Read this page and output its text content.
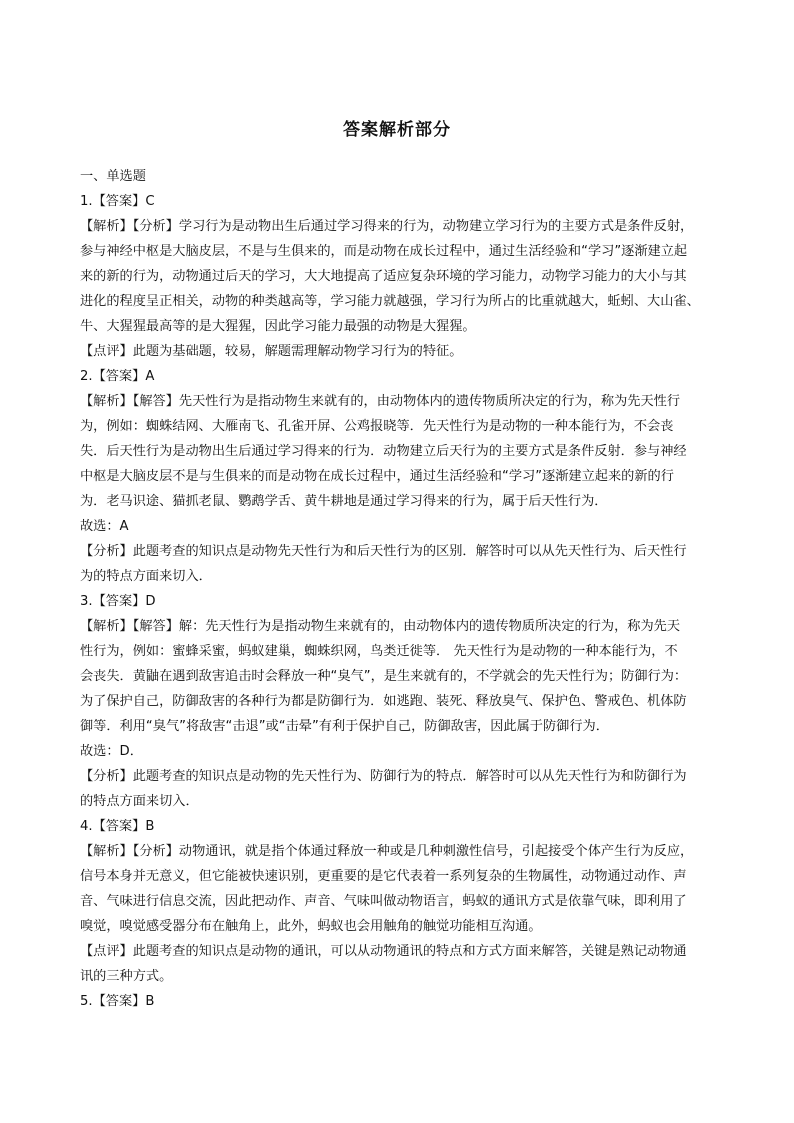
答案解析部分
一、单选题
1.【答案】C
【解析】【分析】学习行为是动物出生后通过学习得来的行为，动物建立学习行为的主要方式是条件反射，
参与神经中枢是大脑皮层，不是与生俱来的，而是动物在成长过程中，通过生活经验和“学习”逐渐建立起
来的新的行为，动物通过后天的学习，大大地提高了适应复杂环境的学习能力，动物学习能力的大小与其
进化的程度呈正相关，动物的种类越高等，学习能力就越强，学习行为所占的比重就越大，蚯蚓、大山雀、
牛、大猩猩最高等的是大猩猩，因此学习能力最强的动物是大猩猩。
【点评】此题为基础题，较易，解题需理解动物学习行为的特征。
2.【答案】A
【解析】【解答】先天性行为是指动物生来就有的，由动物体内的遗传物质所决定的行为，称为先天性行
为，例如：蜘蛛结网、大雁南飞、孔雀开屏、公鸡报晓等．先天性行为是动物的一种本能行为，不会丧
失．后天性行为是动物出生后通过学习得来的行为．动物建立后天行为的主要方式是条件反射．参与神经
中枢是大脑皮层不是与生俱来的而是动物在成长过程中，通过生活经验和“学习”逐渐建立起来的新的行
为．老马识途、猫抓老鼠、鹦鹉学舌、黄牛耕地是通过学习得来的行为，属于后天性行为．
故选：A
【分析】此题考查的知识点是动物先天性行为和后天性行为的区别．解答时可以从先天性行为、后天性行
为的特点方面来切入．
3.【答案】D
【解析】【解答】解：先天性行为是指动物生来就有的，由动物体内的遗传物质所决定的行为，称为先天
性行为，例如：蜜蜂采蜜，蚂蚁建巢，蜘蛛织网，鸟类迁徙等． 先天性行为是动物的一种本能行为，不
会丧失．黄鼬在遇到敌害追击时会释放一种“臭气”，是生来就有的，不学就会的先天性行为；防御行为：
为了保护自己，防御敌害的各种行为都是防御行为．如逃跑、装死、释放臭气、保护色、警戒色、机体防
御等．利用“臭气”将敌害“击退”或“击晕”有利于保护自己，防御敌害，因此属于防御行为．
故选：D．
【分析】此题考查的知识点是动物的先天性行为、防御行为的特点．解答时可以从先天性行为和防御行为
的特点方面来切入．
4.【答案】B
【解析】【分析】动物通讯，就是指个体通过释放一种或是几种刺激性信号，引起接受个体产生行为反应，
信号本身并无意义，但它能被快速识别，更重要的是它代表着一系列复杂的生物属性，动物通过动作、声
音、气味进行信息交流，因此把动作、声音、气味叫做动物语言，蚂蚁的通讯方式是依靠气味，即利用了
嗅觉，嗅觉感受器分布在触角上，此外，蚂蚁也会用触角的触觉功能相互沟通。
【点评】此题考查的知识点是动物的通讯，可以从动物通讯的特点和方式方面来解答，关键是熟记动物通
讯的三种方式。
5.【答案】B
